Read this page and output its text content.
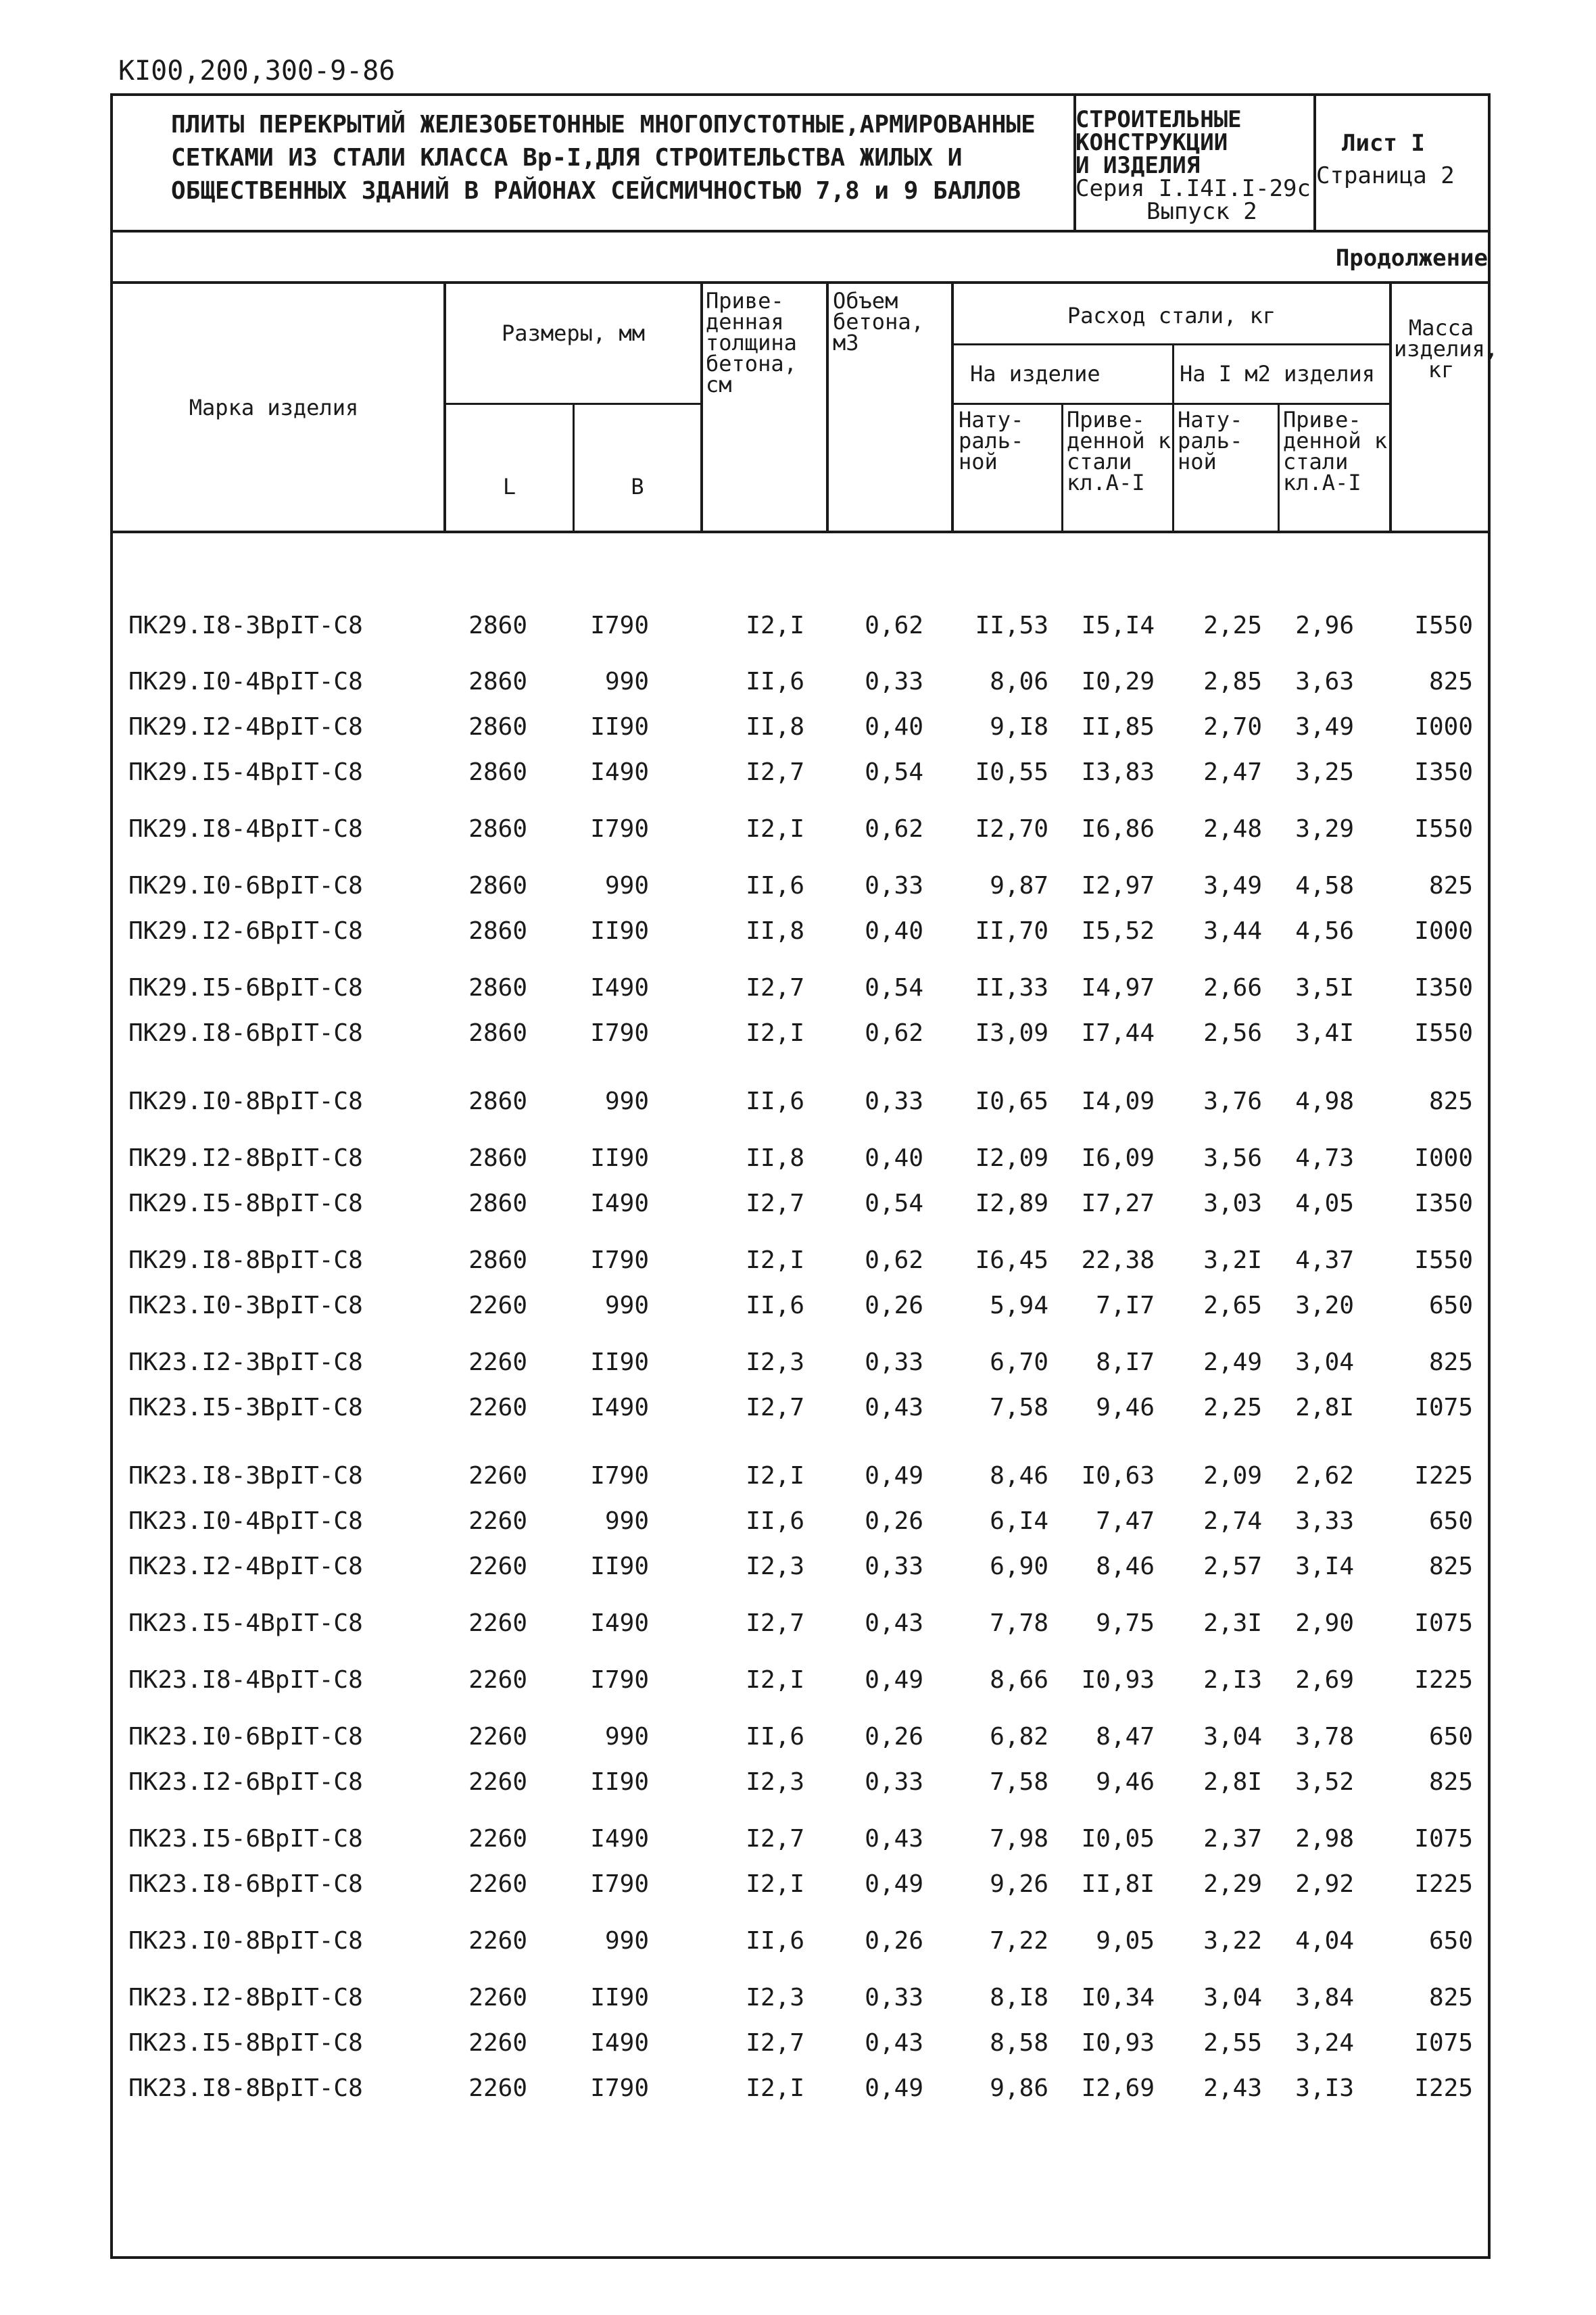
KI00,200,300-9-86
ПЛИТЫ ПЕРЕКРЫТИЙ ЖЕЛЕЗОБЕТОННЫЕ МНОГОПУСТОТНЫЕ,АРМИРОВАННЫЕ
СЕТКАМИ ИЗ СТАЛИ КЛАССА Вр-I,ДЛЯ СТРОИТЕЛЬСТВА ЖИЛЫХ И
ОБЩЕСТВЕННЫХ ЗДАНИЙ В РАЙОНАХ СЕЙСМИЧНОСТЬЮ 7,8 и 9 БАЛЛОВ
СТРОИТЕЛЬНЫЕ
КОНСТРУКЦИИ
И ИЗДЕЛИЯ
Серия I.I4I.I-29с
Выпуск 2
Лист I
Страница 2
Продолжение
Марка изделия
Размеры, мм
L	B
Приве- денная толщина бетона, см
Объем бетона, м3
Расход стали, кг
На изделие	На I м2 изделия
Нату- раль- ной
Приве- денной к стали кл.А-I
Нату- раль- ной
Приве- денной к стали кл.А-I
Масса изделия, кг
ПК29.I8-3ВрIТ-С8	2860	I790	I2,I	0,62	II,53	I5,I4	2,25	2,96	I550
ПК29.I0-4ВрIТ-С8	2860	990	II,6	0,33	8,06	I0,29	2,85	3,63	825
ПК29.I2-4ВрIТ-С8	2860	II90	II,8	0,40	9,I8	II,85	2,70	3,49	I000
ПК29.I5-4ВрIТ-С8	2860	I490	I2,7	0,54	I0,55	I3,83	2,47	3,25	I350
ПК29.I8-4ВрIТ-С8	2860	I790	I2,I	0,62	I2,70	I6,86	2,48	3,29	I550
ПК29.I0-6ВрIТ-С8	2860	990	II,6	0,33	9,87	I2,97	3,49	4,58	825
ПК29.I2-6ВрIТ-С8	2860	II90	II,8	0,40	II,70	I5,52	3,44	4,56	I000
ПК29.I5-6ВрIТ-С8	2860	I490	I2,7	0,54	II,33	I4,97	2,66	3,5I	I350
ПК29.I8-6ВрIТ-С8	2860	I790	I2,I	0,62	I3,09	I7,44	2,56	3,4I	I550
ПК29.I0-8ВрIТ-С8	2860	990	II,6	0,33	I0,65	I4,09	3,76	4,98	825
ПК29.I2-8ВрIТ-С8	2860	II90	II,8	0,40	I2,09	I6,09	3,56	4,73	I000
ПК29.I5-8ВрIТ-С8	2860	I490	I2,7	0,54	I2,89	I7,27	3,03	4,05	I350
ПК29.I8-8ВрIТ-С8	2860	I790	I2,I	0,62	I6,45	22,38	3,2I	4,37	I550
ПК23.I0-3ВрIТ-С8	2260	990	II,6	0,26	5,94	7,I7	2,65	3,20	650
ПК23.I2-3ВрIТ-С8	2260	II90	I2,3	0,33	6,70	8,I7	2,49	3,04	825
ПК23.I5-3ВрIТ-С8	2260	I490	I2,7	0,43	7,58	9,46	2,25	2,8I	I075
ПК23.I8-3ВрIТ-С8	2260	I790	I2,I	0,49	8,46	I0,63	2,09	2,62	I225
ПК23.I0-4ВрIТ-С8	2260	990	II,6	0,26	6,I4	7,47	2,74	3,33	650
ПК23.I2-4ВрIТ-С8	2260	II90	I2,3	0,33	6,90	8,46	2,57	3,I4	825
ПК23.I5-4ВрIТ-С8	2260	I490	I2,7	0,43	7,78	9,75	2,3I	2,90	I075
ПК23.I8-4ВрIТ-С8	2260	I790	I2,I	0,49	8,66	I0,93	2,I3	2,69	I225
ПК23.I0-6ВрIТ-С8	2260	990	II,6	0,26	6,82	8,47	3,04	3,78	650
ПК23.I2-6ВрIТ-С8	2260	II90	I2,3	0,33	7,58	9,46	2,8I	3,52	825
ПК23.I5-6ВрIТ-С8	2260	I490	I2,7	0,43	7,98	I0,05	2,37	2,98	I075
ПК23.I8-6ВрIТ-С8	2260	I790	I2,I	0,49	9,26	II,8I	2,29	2,92	I225
ПК23.I0-8ВрIТ-С8	2260	990	II,6	0,26	7,22	9,05	3,22	4,04	650
ПК23.I2-8ВрIТ-С8	2260	II90	I2,3	0,33	8,I8	I0,34	3,04	3,84	825
ПК23.I5-8ВрIТ-С8	2260	I490	I2,7	0,43	8,58	I0,93	2,55	3,24	I075
ПК23.I8-8ВрIТ-С8	2260	I790	I2,I	0,49	9,86	I2,69	2,43	3,I3	I225
